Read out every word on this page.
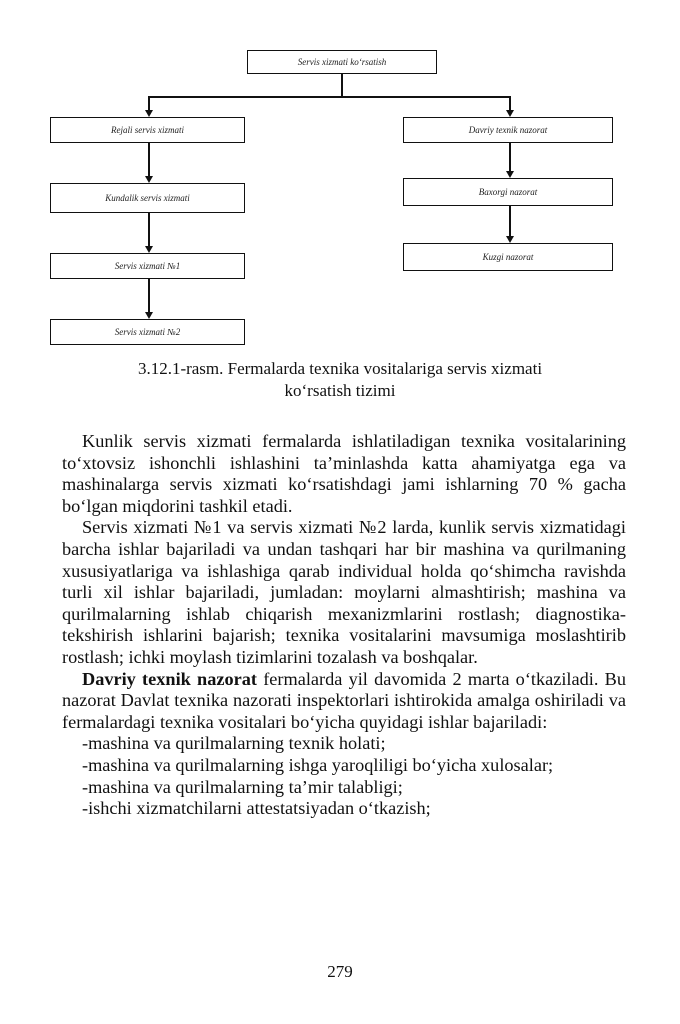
Servis xizmati ko‘rsatish
Rejali servis xizmati
Kundalik servis xizmati
Servis xizmati №1
Servis xizmati №2
Davriy texnik nazorat
Baxorgi nazorat
Kuzgi nazorat
3.12.1-rasm. Fermalarda texnika vositalariga servis xizmati
ko‘rsatish tizimi

Kunlik servis xizmati fermalarda ishlatiladigan texnika vositalarining to‘xtovsiz ishonchli ishlashini ta’minlashda katta ahamiyatga ega va mashinalarga servis xizmati ko‘rsatishdagi jami ishlarning 70 % gacha bo‘lgan miqdorini tashkil etadi.

Servis xizmati №1 va servis xizmati №2 larda, kunlik servis xizmatidagi barcha ishlar bajariladi va undan tashqari har bir mashina va qurilmaning xususiyatlariga va ishlashiga qarab individual holda qo‘shimcha ravishda turli xil ishlar bajariladi, jumladan: moylarni almashtirish; mashina va qurilmalarning ishlab chiqarish mexanizmlarini rostlash; diagnostika-tekshirish ishlarini bajarish; texnika vositalarini mavsumiga moslashtirib rostlash; ichki moylash tizimlarini tozalash va boshqalar.

Davriy texnik nazorat fermalarda yil davomida 2 marta o‘tkaziladi. Bu nazorat Davlat texnika nazorati inspektorlari ishtirokida amalga oshiriladi va fermalardagi texnika vositalari bo‘yicha quyidagi ishlar bajariladi:

-mashina va qurilmalarning texnik holati;

-mashina va qurilmalarning ishga yaroqliligi bo‘yicha xulosalar;

-mashina va qurilmalarning ta’mir talabligi;

-ishchi xizmatchilarni attestatsiyadan o‘tkazish;

279
